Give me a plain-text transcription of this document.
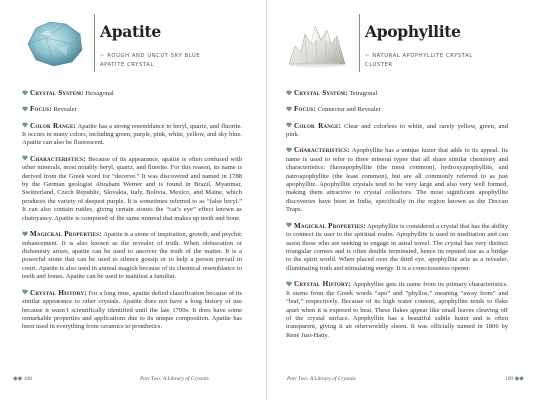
Apatite
⇐ ROUGH AND UNCUT SKY BLUE APATITE CRYSTAL
Crystal System: Hexagonal
Focus: Revealer
Color Range: Apatite has a strong resemblance to beryl, quartz, and fluorite. It occurs in many colors, including green, purple, pink, white, yellow, and sky blue. Apatite can also be fluorescent.
Characteristics: Because of its appearance, apatite is often confused with other minerals, most notably beryl, quartz, and fluorite. For this reason, its name is derived from the Greek word for “deceive.” It was discovered and named in 1788 by the German geologist Abraham Werner and is found in Brazil, Myanmar, Switzerland, Czech Republic, Slovakia, Italy, Bolivia, Mexico, and Maine, which produces the variety of deepest purple. It is sometimes referred to as “false beryl.” It can also contain rutiles, giving certain stones the “cat’s eye” effect known as chatoyancy. Apatite is composed of the same mineral that makes up teeth and bone.
Magickal Properties: Apatite is a stone of inspiration, growth, and psychic enhancement. It is also known as the revealer of truth. When obfuscation or dishonesty arises, apatite can be used to uncover the truth of the matter. It is a powerful stone that can be used to silence gossip or to help a person prevail in court. Apatite is also used in animal magick because of its chemical resemblance to teeth and bones. Apatite can be used to manifest a familiar.
Crystal History: For a long time, apatite defied classification because of its similar appearance to other crystals. Apatite does not have a long history of use because it wasn’t scientifically identified until the late 1700s. It does have some remarkable properties and applications due to its unique composition. Apatite has been used in everything from ceramics to prosthetics.
◆◆ 108	Part Two: A Library of Crystals
Apophyllite
⇐ NATURAL APOPHYLLITE CRYSTAL CLUSTER
Crystal System: Tetragonal
Focus: Connector and Revealer
Color Range: Clear and colorless to white, and rarely yellow, green, and pink.
Characteristics: Apophyllite has a unique luster that adds to its appeal. Its name is used to refer to three mineral types that all share similar chemistry and characteristics: fluorapophyllite (the most common), hydroxyapophyllite, and natroapophyllite (the least common), but are all commonly referred to as just apophyllite. Apophyllite crystals tend to be very large and also very well formed, making them attractive to crystal collectors. The most significant apophyllite discoveries have been in India, specifically in the region known as the Deccan Traps.
Magickal Properties: Apophyllite is considered a crystal that has the ability to connect its user to the spiritual realm. Apophyllite is used in meditation and can assist those who are seeking to engage in astral travel. The crystal has very distinct triangular corners and is often double terminated, hence its reputed use as a bridge to the spirit world. When placed over the third eye, apophyllite acts as a revealer, illuminating truth and stimulating energy. It is a consciousness opener.
Crystal History: Apophyllite gets its name from its primary characteristics. It stems from the Greek words “apo” and “phyllos,” meaning “away from” and “leaf,” respectively. Because of its high water content, apophyllite tends to flake apart when it is exposed to heat. These flakes appear like small leaves cleaving off of the crystal surface. Apophyllite has a beautiful subtle luster and is often transparent, giving it an otherworldly sheen. It was officially named in 1806 by René Just-Haüy.
Part Two: A Library of Crystals	109 ◆◆
